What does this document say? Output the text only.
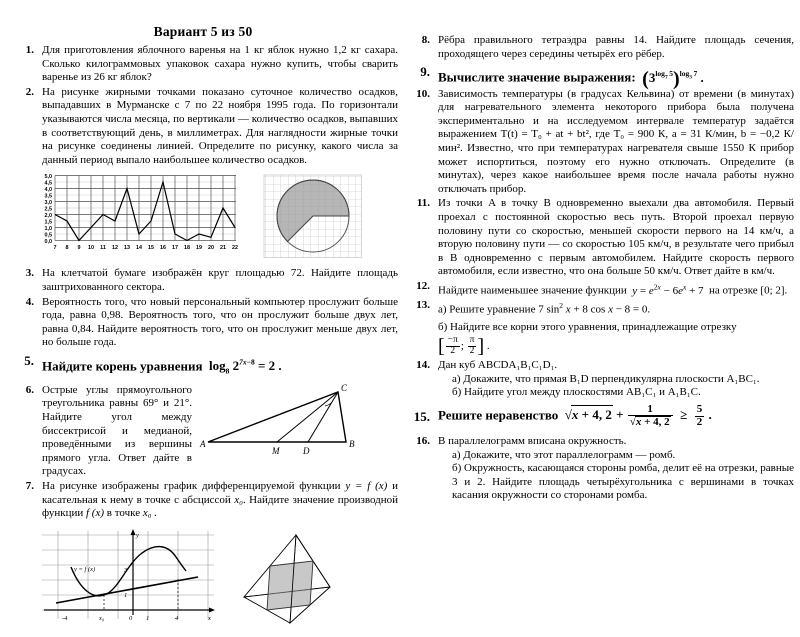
Вариант 5 из 50
1. Для приготовления яблочного варенья на 1 кг яблок нужно 1,2 кг сахара. Сколько килограммовых упаковок сахара нужно купить, чтобы сварить варенье из 26 кг яблок?
2. На рисунке жирными точками показано суточное количество осадков, выпадавших в Мурманске с 7 по 22 ноября 1995 года. По горизонтали указываются числа месяца, по вертикали — количество осадков, выпавших в соответствующий день, в миллиметрах. Для наглядности жирные точки на рисунке соединены линией. Определите по рисунку, какого числа за данный период выпало наибольшее количество осадков.
5,0
4,5
4,0
3,5
3,0
2,5
2,0
1,5
1,0
0,5
0,0
7 8 9 10 11 12 13 14 15 16 17 18 19 20 21 22
3. На клетчатой бумаге изображён круг площадью 72. Найдите площадь заштрихованного сектора.
4. Вероятность того, что новый персональный компьютер прослужит больше года, равна 0,98. Вероятность того, что он прослужит больше двух лет, равна 0,84. Найдите вероятность того, что он прослужит меньше двух лет, но больше года.
5. Найдите корень уравнения  $\log_8 2^{7x-8} = 2$ .
6. Острые углы прямоугольного треугольника равны 69° и 21°. Найдите угол между биссектрисой и медианой, проведёнными из вершины прямого угла. Ответ дайте в градусах.
A	B
C
M	D
7. На рисунке изображены график дифференцируемой функции y = f (x) и касательная к нему в точке с абсциссой x₀. Найдите значение производной функции f (x) в точке x₀ .
y = f (x)
y
x
3
1
-4	x₀	0 1	4
8. Рёбра правильного тетраэдра равны 14. Найдите площадь сечения, проходящего через середины четырёх его рёбер.
9. Вычислите значение выражения: $(3^{log_7 5})^{log_3 7}$ .
10. Зависимость температуры (в градусах Кельвина) от времени (в минутах) для нагревательного элемента некоторого прибора была получена экспериментально и на исследуемом интервале температур задаётся выражением T(t) = T₀ + at + bt², где T₀ = 900 К, a = 31 К/мин, b = −0,2 К/мин². Известно, что при температурах нагревателя свыше 1550 К прибор может испортиться, поэтому его нужно отключать. Определите (в минутах), через какое наибольшее время после начала работы нужно отключать прибор.
11. Из точки A в точку B одновременно выехали два автомобиля. Первый проехал с постоянной скоростью весь путь. Второй проехал первую половину пути со скоростью, меньшей скорости первого на 14 км/ч, а вторую половину пути — со скоростью 105 км/ч, в результате чего прибыл в B одновременно с первым автомобилем. Найдите скорость первого автомобиля, если известно, что она больше 50 км/ч. Ответ дайте в км/ч.
12. Найдите наименьшее значение функции $y = e^{2x} - 6e^x + 7$  на отрезке [0; 2].
13. а) Решите уравнение 7 $\sin^2 x + 8$ cos x − 8 = 0.
б) Найдите все корни этого уравнения, принадлежащие отрезку
[ $\frac{-\pi}{2}$ ; $\frac{\pi}{2}$ ] .
14. Дан куб ABCDA₁B₁C₁D₁.
а) Докажите, что прямая B₁D перпендикулярна плоскости A₁BC₁.
б) Найдите угол между плоскостями AB₁C₁ и A₁B₁C.
15. Решите неравенство  √x + 4, $2 + \frac{1}{√x + 4, 2} \ge \frac{5}{2}$ .
16. В параллелограмм вписана окружность.
а) Докажите, что этот параллелограмм — ромб.
б) Окружность, касающаяся стороны ромба, делит её на отрезки, равные 3 и 2. Найдите площадь четырёхугольника с вершинами в точках касания окружности со сторонами ромба.
